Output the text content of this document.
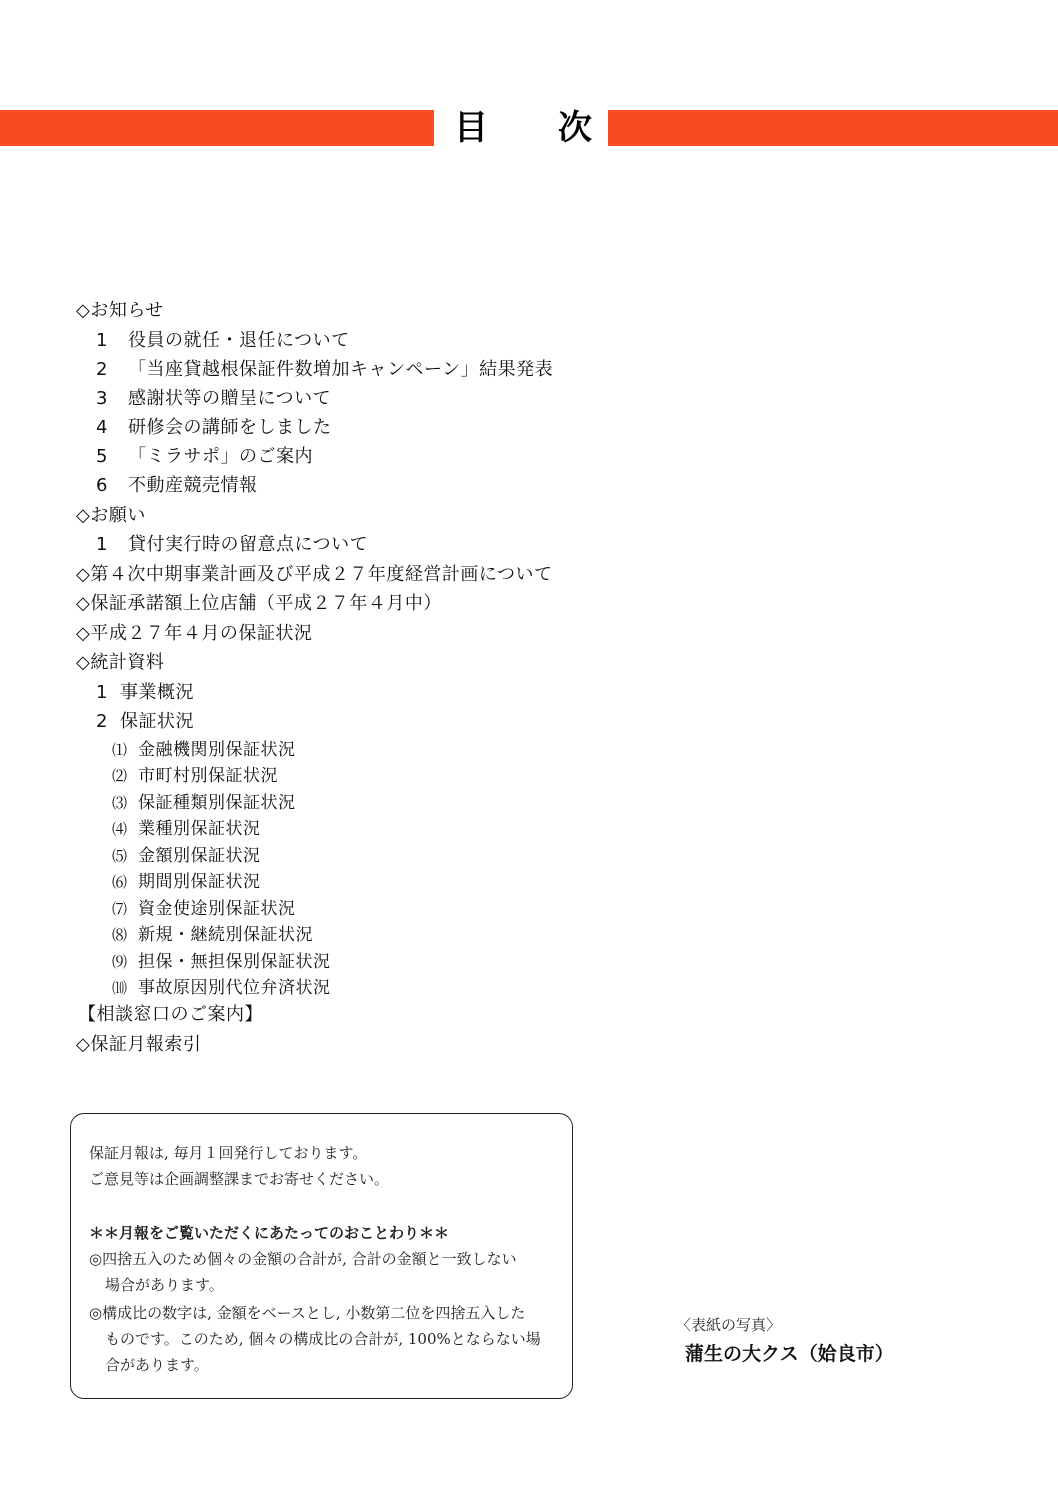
目次
◇お知らせ
1 役員の就任・退任について
2 「当座貸越根保証件数増加キャンペーン」結果発表
3 感謝状等の贈呈について
4 研修会の講師をしました
5 「ミラサポ」のご案内
6 不動産競売情報
◇お願い
1 貸付実行時の留意点について
◇第４次中期事業計画及び平成２７年度経営計画について
◇保証承諾額上位店舗（平成２７年４月中）
◇平成２７年４月の保証状況
◇統計資料
1 事業概況
2 保証状況
⑴ 金融機関別保証状況
⑵ 市町村別保証状況
⑶ 保証種類別保証状況
⑷ 業種別保証状況
⑸ 金額別保証状況
⑹ 期間別保証状況
⑺ 資金使途別保証状況
⑻ 新規・継続別保証状況
⑼ 担保・無担保別保証状況
⑽ 事故原因別代位弁済状況
【相談窓口のご案内】
◇保証月報索引
保証月報は, 毎月１回発行しております。
ご意見等は企画調整課までお寄せください。
＊＊月報をご覧いただくにあたってのおことわり＊＊
◎四捨五入のため個々の金額の合計が, 合計の金額と一致しない
場合があります。
◎構成比の数字は, 金額をベースとし, 小数第二位を四捨五入した
ものです。このため, 個々の構成比の合計が, 100%とならない場
合があります。
〈表紙の写真〉
蒲生の大クス（姶良市）
